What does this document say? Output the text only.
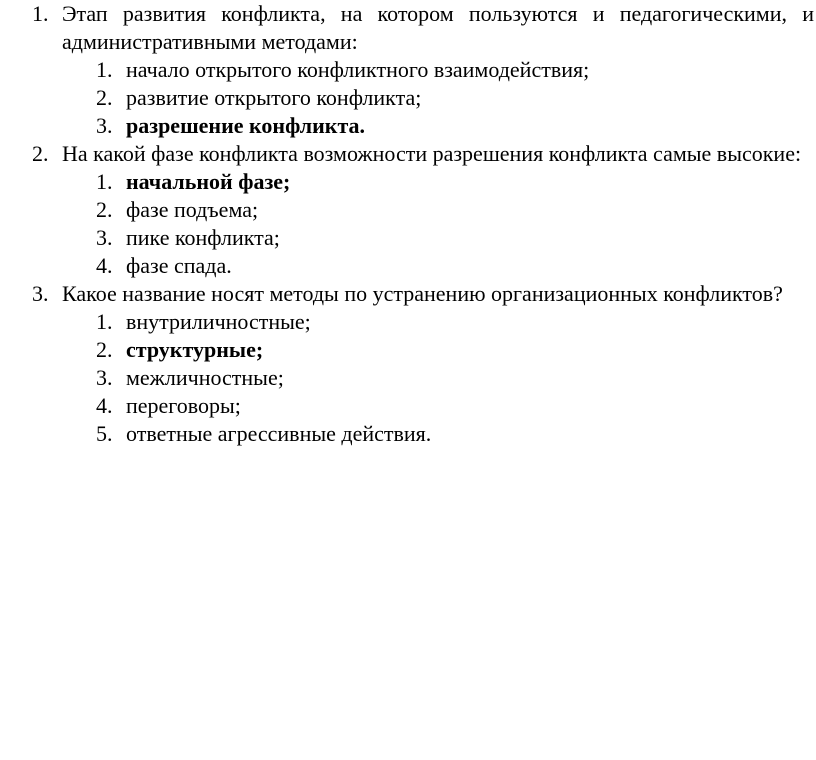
1. Этап развития конфликта, на котором пользуются и педагогическими, и административными методами:
1. начало открытого конфликтного взаимодействия;
2. развитие открытого конфликта;
3. разрешение конфликта.
2. На какой фазе конфликта возможности разрешения конфликта самые высокие:
1. начальной фазе;
2. фазе подъема;
3. пике конфликта;
4. фазе спада.
3. Какое название носят методы по устранению организационных конфликтов?
1. внутриличностные;
2. структурные;
3. межличностные;
4. переговоры;
5. ответные агрессивные действия.
